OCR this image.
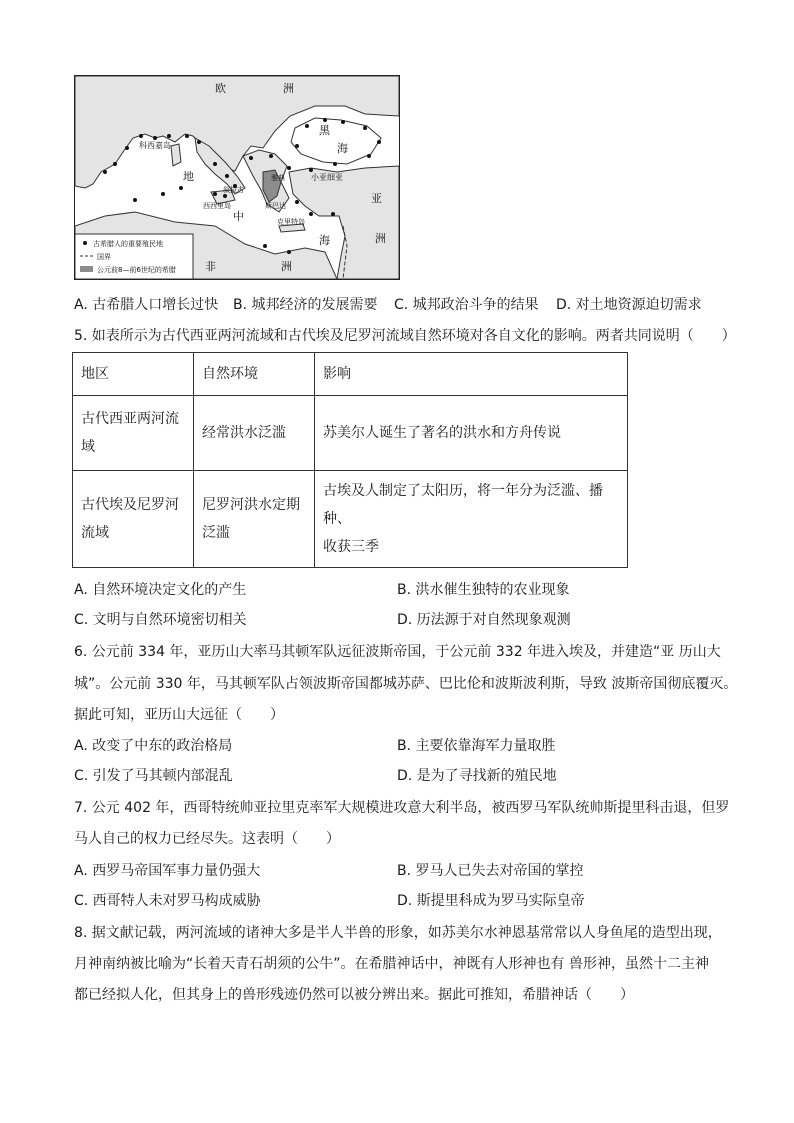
欧	洲
科西嘉岛
黑
海
小亚细亚
地
中
海
叙拉古
西西里岛
雅典
斯巴达
克里特岛
亚
洲
非	洲
古希腊人的重要殖民地
国界
公元前8—前6世纪的希腊
A. 古希腊人口增长过快 B. 城邦经济的发展需要 C. 城邦政治斗争的结果 D. 对土地资源迫切需求
5. 如表所示为古代西亚两河流域和古代埃及尼罗河流域自然环境对各自文化的影响。两者共同说明（　　）
地区	自然环境	影响
古代西亚两河流
域	经常洪水泛滥	苏美尔人诞生了著名的洪水和方舟传说
古代埃及尼罗河
流域	尼罗河洪水定期
泛滥	古埃及人制定了太阳历，将一年分为泛滥、播种、
收获三季
A. 自然环境决定文化的产生	B. 洪水催生独特的农业现象
C. 文明与自然环境密切相关	D. 历法源于对自然现象观测
6. 公元前 334 年，亚历山大率马其顿军队远征波斯帝国，于公元前 332 年进入埃及，并建造“亚 历山大
城”。公元前 330 年，马其顿军队占领波斯帝国都城苏萨、巴比伦和波斯波利斯，导致 波斯帝国彻底覆灭。
据此可知，亚历山大远征（　　）
A. 改变了中东的政治格局	B. 主要依靠海军力量取胜
C. 引发了马其顿内部混乱	D. 是为了寻找新的殖民地
7. 公元 402 年，西哥特统帅亚拉里克率军大规模进攻意大利半岛，被西罗马军队统帅斯提里科击退，但罗
马人自己的权力已经尽失。这表明（　　）
A. 西罗马帝国军事力量仍强大	B. 罗马人已失去对帝国的掌控
C. 西哥特人未对罗马构成威胁	D. 斯提里科成为罗马实际皇帝
8. 据文献记载，两河流域的诸神大多是半人半兽的形象，如苏美尔水神恩基常常以人身鱼尾的造型出现，
月神南纳被比喻为“长着天青石胡须的公牛”。在希腊神话中，神既有人形神也有 兽形神，虽然十二主神
都已经拟人化，但其身上的兽形残迹仍然可以被分辨出来。据此可推知，希腊神话（　　）
